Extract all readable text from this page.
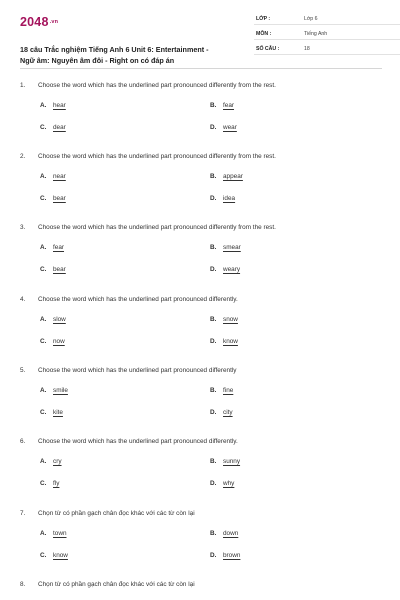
$2048^{.vn}$
18 câu Trắc nghiệm Tiếng Anh 6 Unit 6: Entertainment -
Ngữ âm: Nguyên âm đôi - Right on có đáp án
LỚP :	Lớp 6
MÔN :	Tiếng Anh
SỐ CÂU :	18
1. Choose the word which has the underlined part pronounced differently from the rest.
A. hear	B. fear
C. dear	D. wear
2. Choose the word which has the underlined part pronounced differently from the rest.
A. near	B. appear
C. bear	D. idea
3. Choose the word which has the underlined part pronounced differently from the rest.
A. fear	B. smear
C. bear	D. weary
4. Choose the word which has the underlined part pronounced differently.
A. slow	B. snow
C. now	D. know
5. Choose the word which has the underlined part pronounced differently
A. smile	B. fine
C. kite	D. city
6. Choose the word which has the underlined part pronounced differently.
A. cry	B. sunny
C. fly	D. why
7. Chọn từ có phần gạch chân đọc khác với các từ còn lại
A. town	B. down
C. know	D. brown
8. Chọn từ có phần gạch chân đọc khác với các từ còn lại
